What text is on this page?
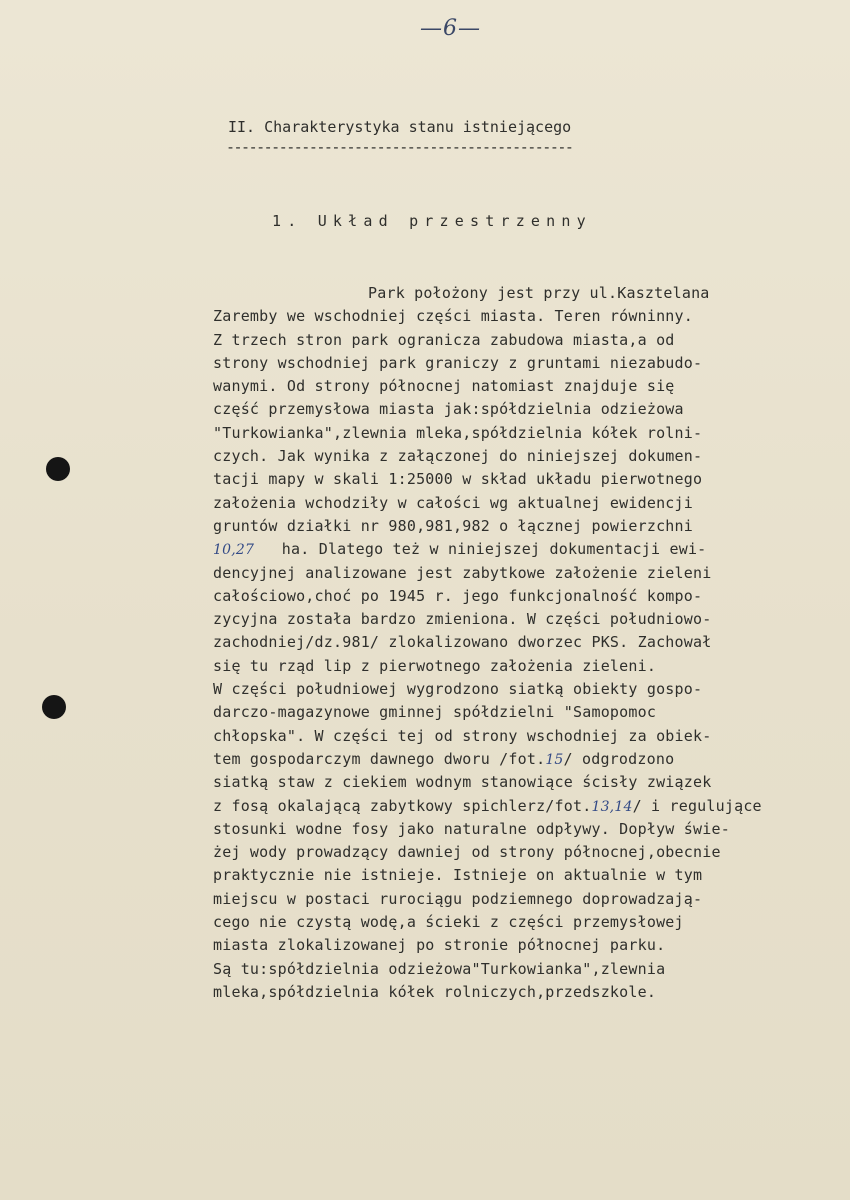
—6—
II. Charakterystyka stanu istniejącego
----------------------------------------------
1. Układ przestrzenny
Park położony jest przy ul.Kasztelana
Zaremby we wschodniej części miasta. Teren równinny.
Z trzech stron park ogranicza zabudowa miasta,a od
strony wschodniej park graniczy z gruntami niezabudo-
wanymi. Od strony północnej natomiast znajduje się
część przemysłowa miasta jak:spółdzielnia odzieżowa
"Turkowianka",zlewnia mleka,spółdzielnia kółek rolni-
czych. Jak wynika z załączonej do niniejszej dokumen-
tacji mapy w skali 1:25000 w skład układu pierwotnego
założenia wchodziły w całości wg aktualnej ewidencji
gruntów działki nr 980,981,982 o łącznej powierzchni
10,27   ha. Dlatego też w niniejszej dokumentacji ewi-
dencyjnej analizowane jest zabytkowe założenie zieleni
całościowo,choć po 1945 r. jego funkcjonalność kompo-
zycyjna została bardzo zmieniona. W części południowo-
zachodniej/dz.981/ zlokalizowano dworzec PKS. Zachował
się tu rząd lip z pierwotnego założenia zieleni.
W części południowej wygrodzono siatką obiekty gospo-
darczo-magazynowe gminnej spółdzielni "Samopomoc
chłopska". W części tej od strony wschodniej za obiek-
tem gospodarczym dawnego dworu /fot.15/ odgrodzono
siatką staw z ciekiem wodnym stanowiące ścisły związek
z fosą okalającą zabytkowy spichlerz/fot.13,14/ i regulujące
stosunki wodne fosy jako naturalne odpływy. Dopływ świe-
żej wody prowadzący dawniej od strony północnej,obecnie
praktycznie nie istnieje. Istnieje on aktualnie w tym
miejscu w postaci rurociągu podziemnego doprowadzają-
cego nie czystą wodę,a ścieki z części przemysłowej
miasta zlokalizowanej po stronie północnej parku.
Są tu:spółdzielnia odzieżowa"Turkowianka",zlewnia
mleka,spółdzielnia kółek rolniczych,przedszkole.
